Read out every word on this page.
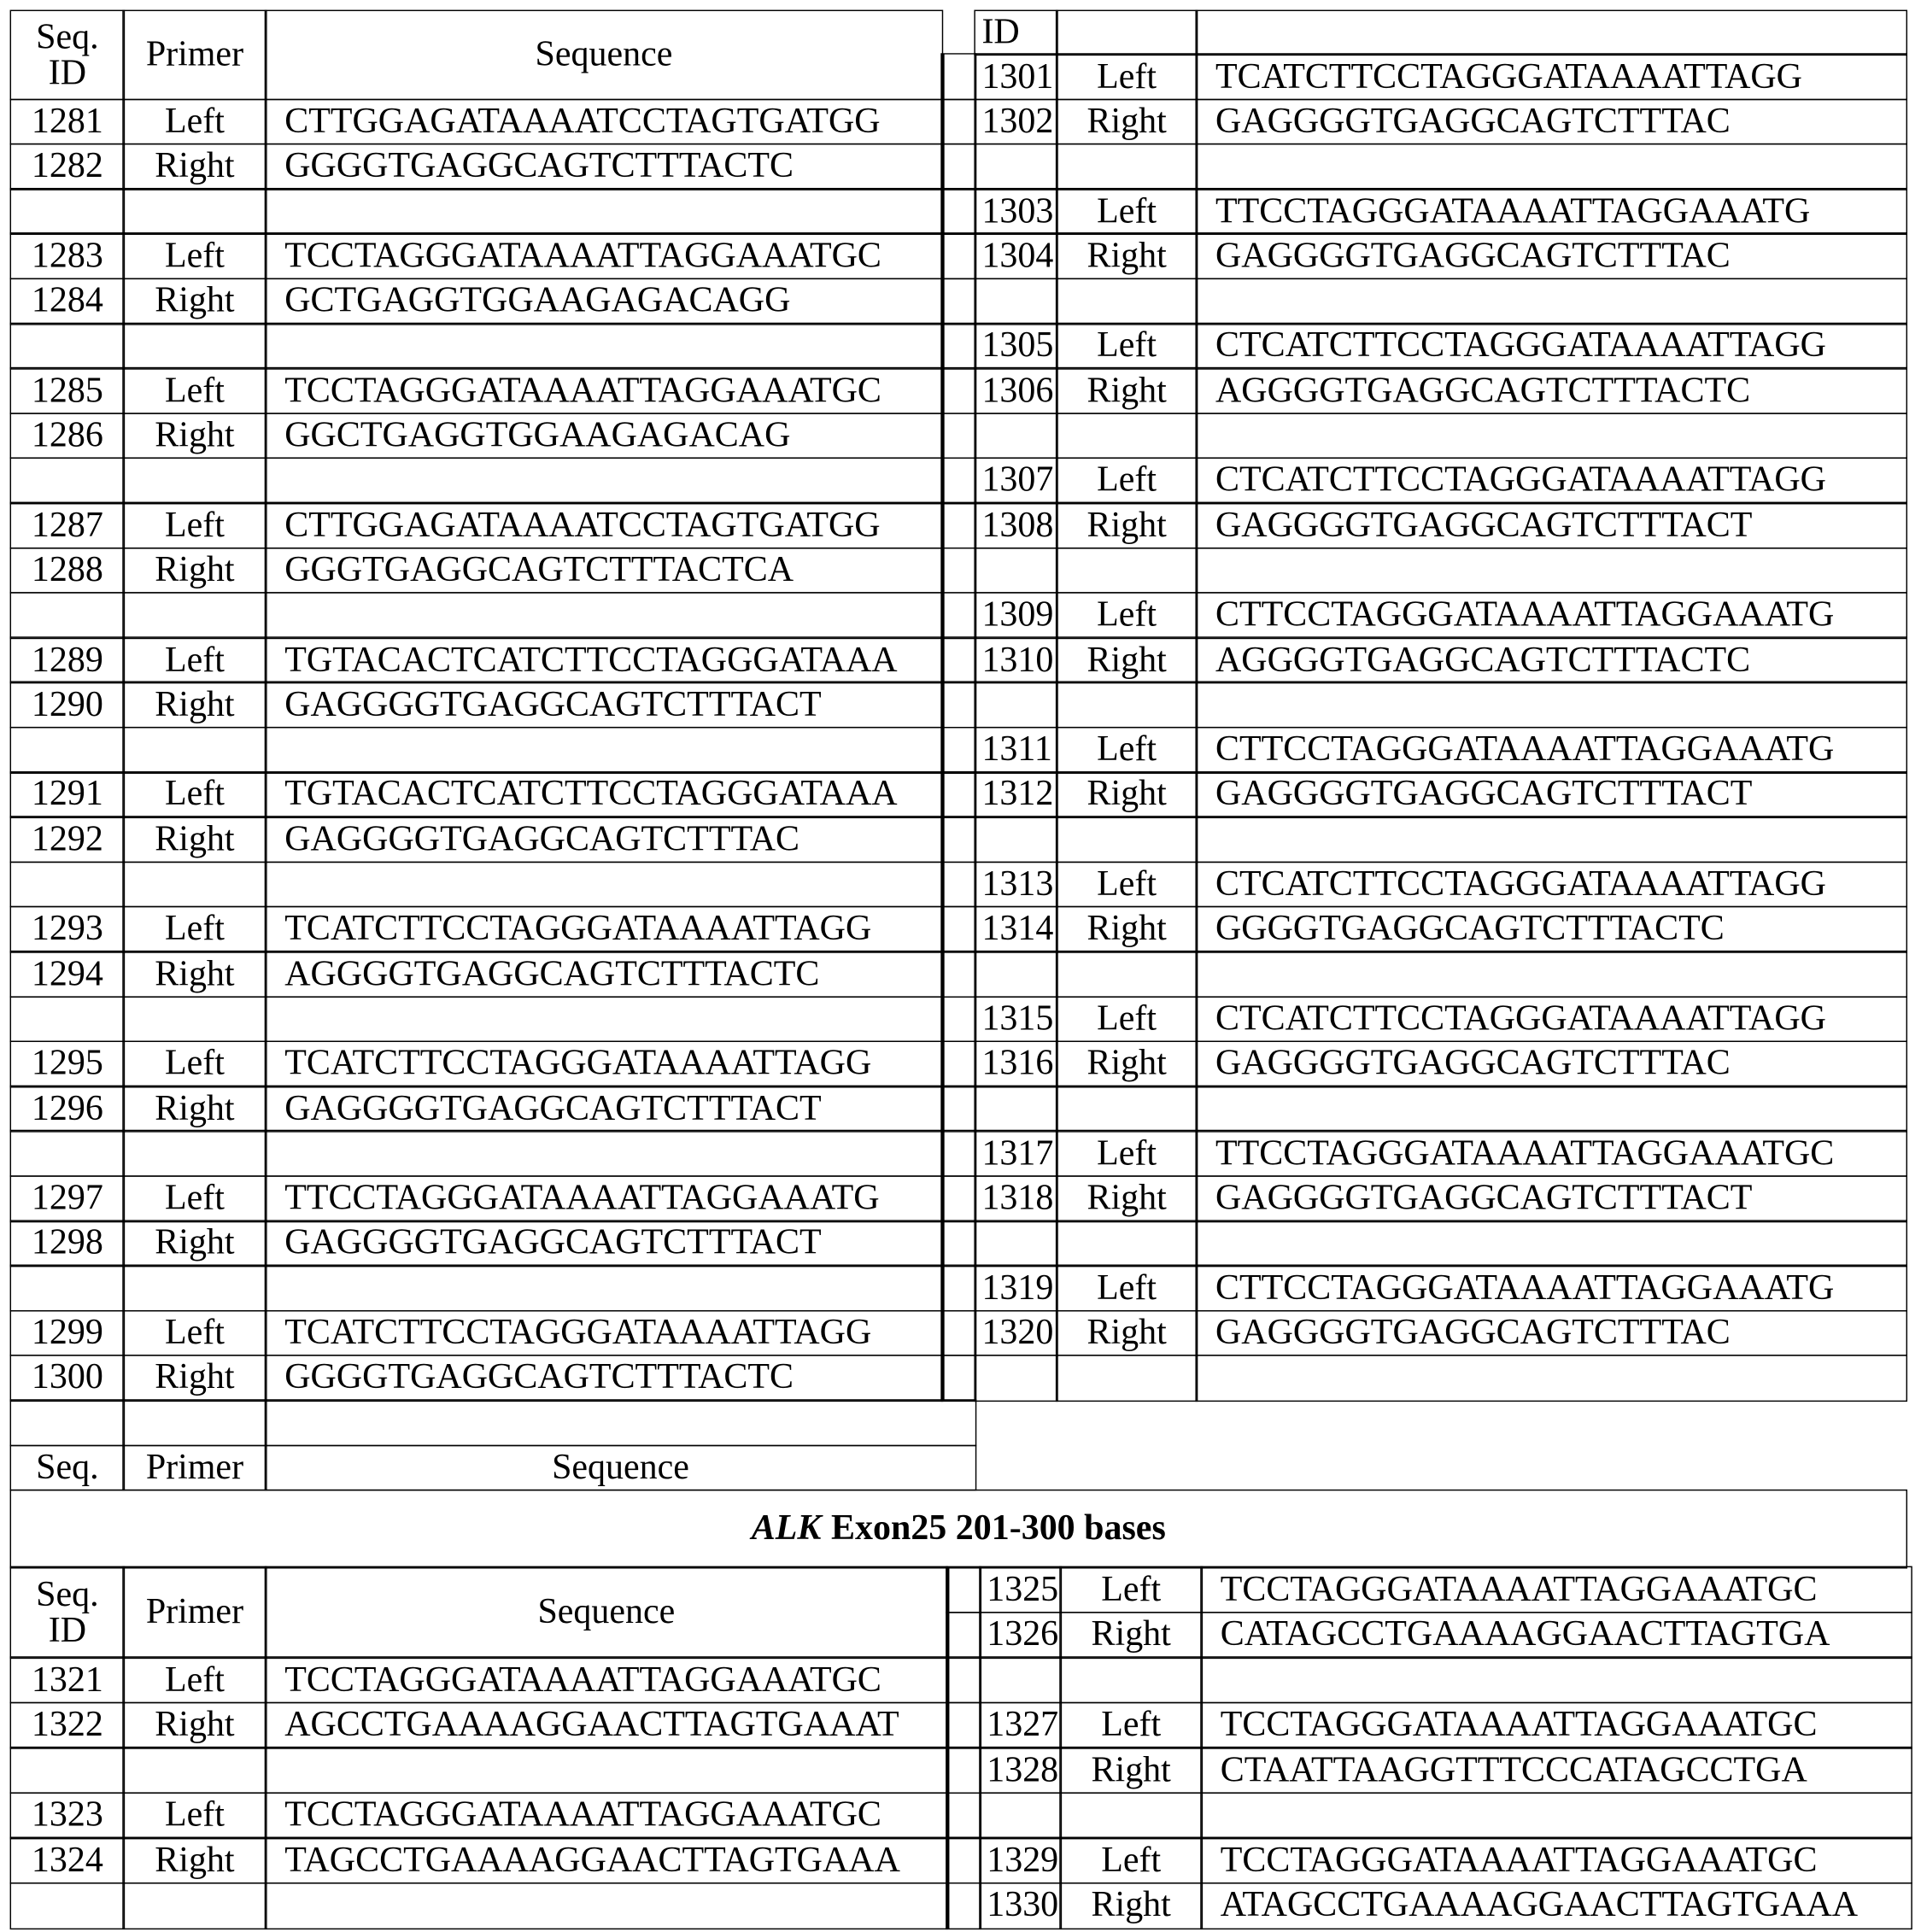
Seq.
ID Primer	Sequence
ID
1281 Left CTTGGAGATAAAATCCTAGTGATGG
1282 Right GGGGTGAGGCAGTCTTTACTC
1283 Left TCCTAGGGATAAAATTAGGAAATGC
1284 Right GCTGAGGTGGAAGAGACAGG
1285 Left TCCTAGGGATAAAATTAGGAAATGC
1286 Right GGCTGAGGTGGAAGAGACAG
1287 Left CTTGGAGATAAAATCCTAGTGATGG
1288 Right GGGTGAGGCAGTCTTTACTCA
1289 Left TGTACACTCATCTTCCTAGGGATAAA
1290 Right GAGGGGTGAGGCAGTCTTTACT
1291 Left TGTACACTCATCTTCCTAGGGATAAA
1292 Right GAGGGGTGAGGCAGTCTTTAC
1293 Left TCATCTTCCTAGGGATAAAATTAGG
1294 Right AGGGGTGAGGCAGTCTTTACTC
1295 Left TCATCTTCCTAGGGATAAAATTAGG
1296 Right GAGGGGTGAGGCAGTCTTTACT
1297 Left TTCCTAGGGATAAAATTAGGAAATG
1298 Right GAGGGGTGAGGCAGTCTTTACT
1299 Left TCATCTTCCTAGGGATAAAATTAGG
1300 Right GGGGTGAGGCAGTCTTTACTC
1301 Left TCATCTTCCTAGGGATAAAATTAGG
1302 Right GAGGGGTGAGGCAGTCTTTAC
1303 Left TTCCTAGGGATAAAATTAGGAAATG
1304 Right GAGGGGTGAGGCAGTCTTTAC
1305 Left CTCATCTTCCTAGGGATAAAATTAGG
1306 Right AGGGGTGAGGCAGTCTTTACTC
1307 Left CTCATCTTCCTAGGGATAAAATTAGG
1308 Right GAGGGGTGAGGCAGTCTTTACT
1309 Left CTTCCTAGGGATAAAATTAGGAAATG
1310 Right AGGGGTGAGGCAGTCTTTACTC
1311 Left CTTCCTAGGGATAAAATTAGGAAATG
1312 Right GAGGGGTGAGGCAGTCTTTACT
1313 Left CTCATCTTCCTAGGGATAAAATTAGG
1314 Right GGGGTGAGGCAGTCTTTACTC
1315 Left CTCATCTTCCTAGGGATAAAATTAGG
1316 Right GAGGGGTGAGGCAGTCTTTAC
1317 Left TTCCTAGGGATAAAATTAGGAAATGC
1318 Right GAGGGGTGAGGCAGTCTTTACT
1319 Left CTTCCTAGGGATAAAATTAGGAAATG
1320 Right GAGGGGTGAGGCAGTCTTTAC
Seq. Primer	Sequence
ALK Exon25 201-300 bases
Seq.
ID Primer	Sequence
1321 Left TCCTAGGGATAAAATTAGGAAATGC
1322 Right AGCCTGAAAAGGAACTTAGTGAAAT
1323 Left TCCTAGGGATAAAATTAGGAAATGC
1324 Right TAGCCTGAAAAGGAACTTAGTGAAA
1325 Left TCCTAGGGATAAAATTAGGAAATGC
1326 Right CATAGCCTGAAAAGGAACTTAGTGA
1327 Left TCCTAGGGATAAAATTAGGAAATGC
1328 Right CTAATTAAGGTTTCCCATAGCCTGA
1329 Left TCCTAGGGATAAAATTAGGAAATGC
1330 Right ATAGCCTGAAAAGGAACTTAGTGAAA
